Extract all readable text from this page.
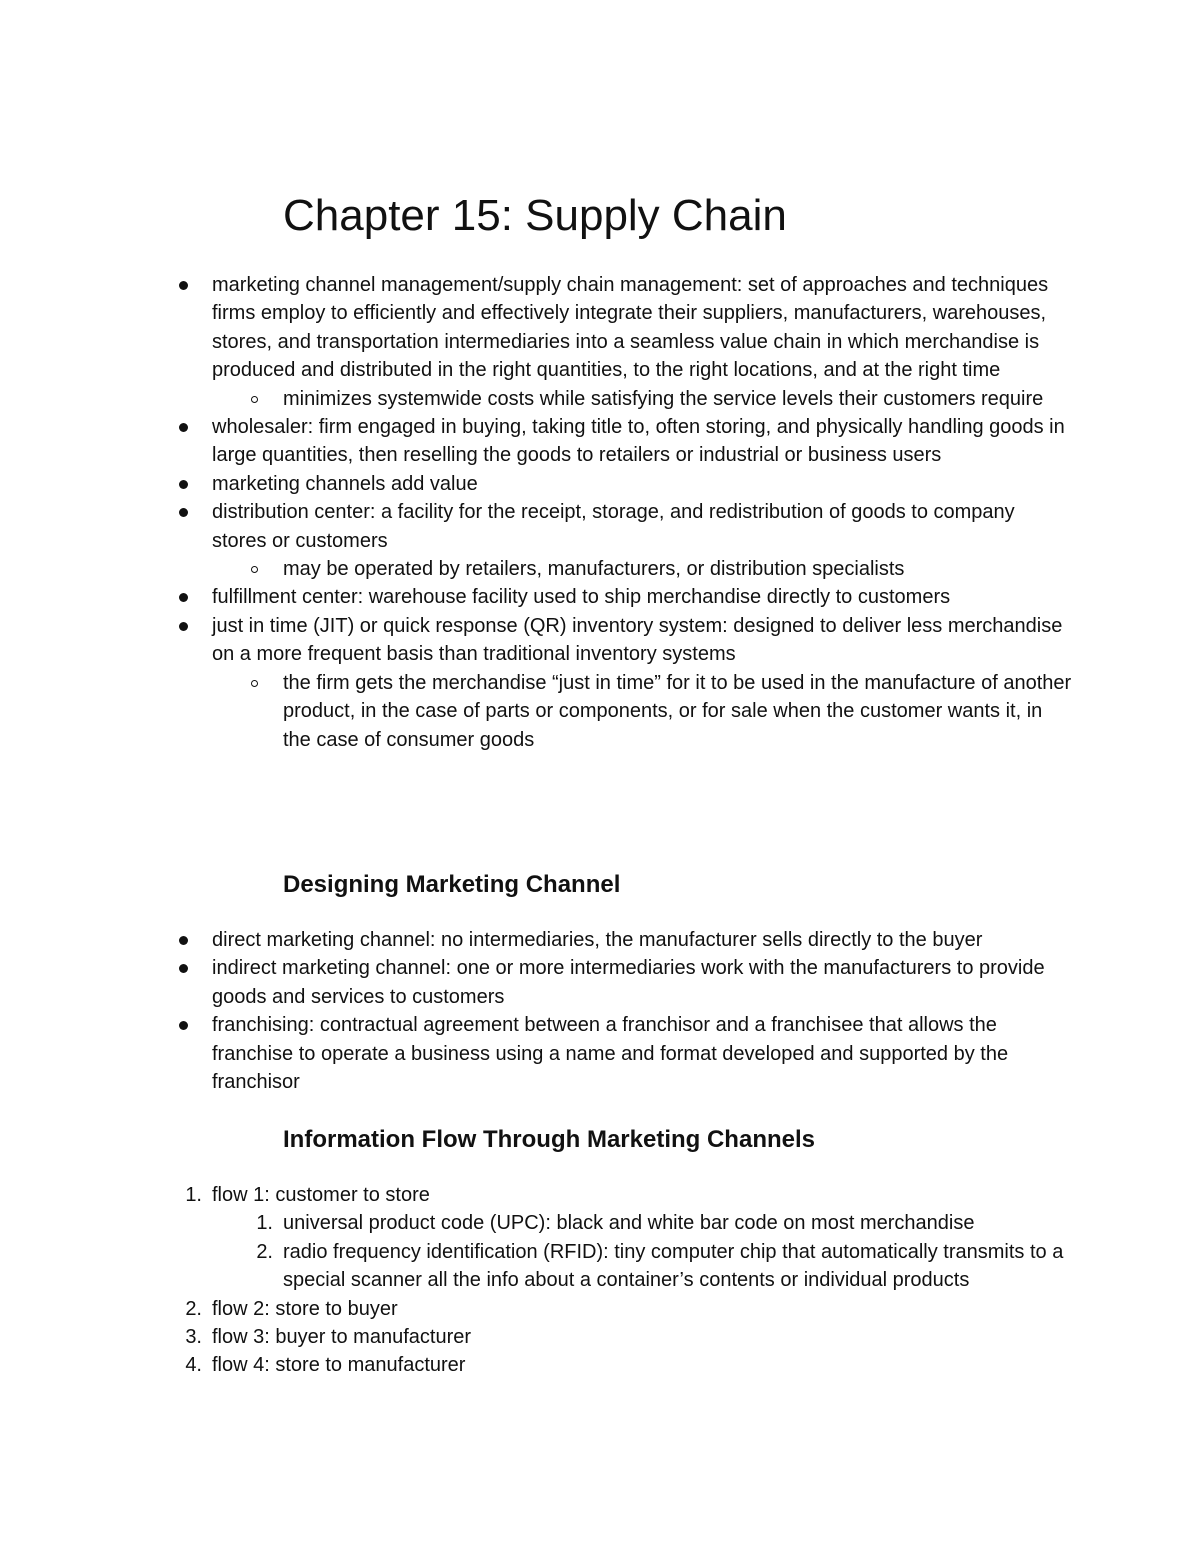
Chapter 15: Supply Chain
marketing channel management/supply chain management: set of approaches and techniques firms employ to efficiently and effectively integrate their suppliers, manufacturers, warehouses, stores, and transportation intermediaries into a seamless value chain in which merchandise is produced and distributed in the right quantities, to the right locations, and at the right time
minimizes systemwide costs while satisfying the service levels their customers require
wholesaler: firm engaged in buying, taking title to, often storing, and physically handling goods in large quantities, then reselling the goods to retailers or industrial or business users
marketing channels add value
distribution center: a facility for the receipt, storage, and redistribution of goods to company stores or customers
may be operated by retailers, manufacturers, or distribution specialists
fulfillment center: warehouse facility used to ship merchandise directly to customers
just in time (JIT) or quick response (QR) inventory system: designed to deliver less merchandise on a more frequent basis than traditional inventory systems
the firm gets the merchandise “just in time” for it to be used in the manufacture of another product, in the case of parts or components, or for sale when the customer wants it, in the case of consumer goods
Designing Marketing Channel
direct marketing channel: no intermediaries, the manufacturer sells directly to the buyer
indirect marketing channel: one or more intermediaries work with the manufacturers to provide goods and services to customers
franchising: contractual agreement between a franchisor and a franchisee that allows the franchise to operate a business using a name and format developed and supported by the franchisor
Information Flow Through Marketing Channels
1. flow 1: customer to store
1. universal product code (UPC): black and white bar code on most merchandise
2. radio frequency identification (RFID): tiny computer chip that automatically transmits to a special scanner all the info about a container’s contents or individual products
2. flow 2: store to buyer
3. flow 3: buyer to manufacturer
4. flow 4: store to manufacturer
